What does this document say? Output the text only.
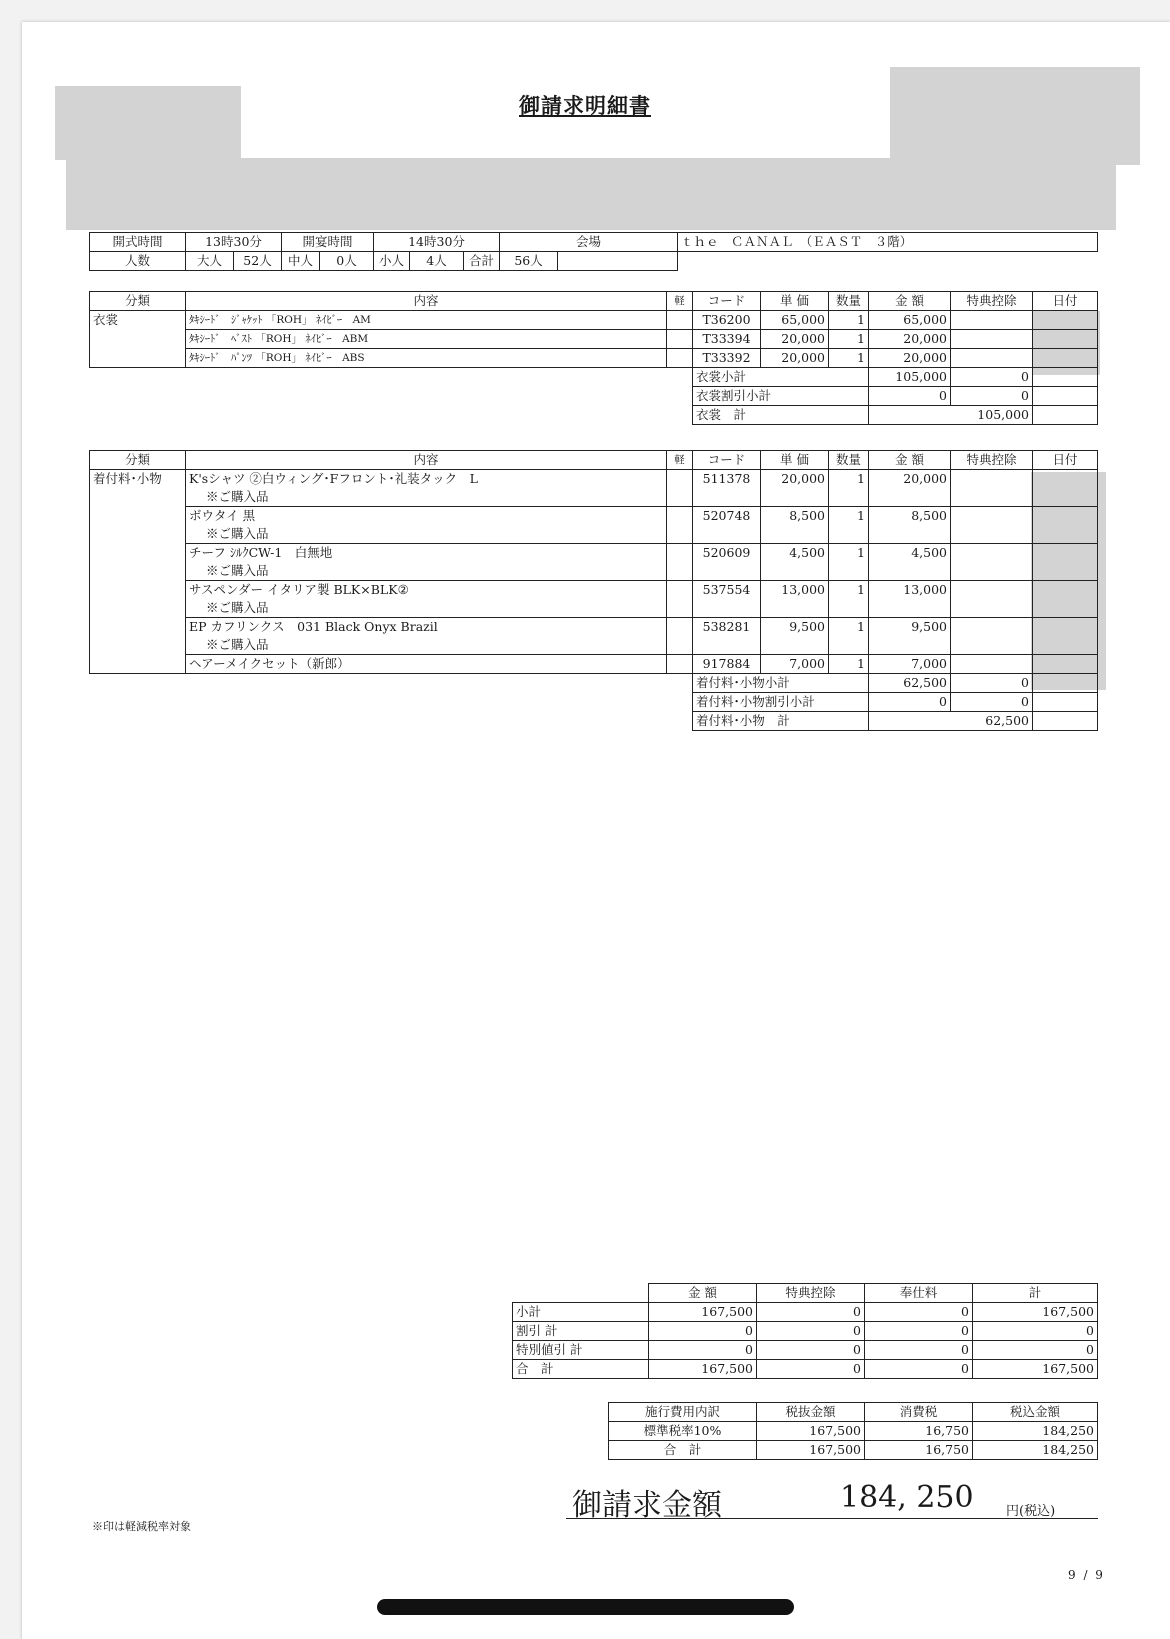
御請求明細書
開式時間	13時30分		開宴時間		14時30分			会場		ｔｈｅ　ＣＡＮＡＬ　（ＥＡＳＴ　３階）
人数	大人	52人	中人	0人	小人	4人	合計	56人		
分類	内容	軽	コード	単 価	数量	金 額	特典控除	日付
衣裳	ﾀｷｼｰﾄﾞ　ｼﾞｬｹｯﾄ 「ROH」 ﾈｲﾋﾞｰ　AM		T36200	65,000	1	65,000		
	ﾀｷｼｰﾄﾞ　ﾍﾞｽﾄ 「ROH」 ﾈｲﾋﾞｰ　ABM		T33394	20,000	1	20,000		
	ﾀｷｼｰﾄﾞ　ﾊﾟﾝﾂ 「ROH」 ﾈｲﾋﾞｰ　ABS		T33392	20,000	1	20,000		
			衣裳小計			105,000	0	
			衣裳割引小計			0	0	
			衣裳　計			105,000		
分類	内容	軽	コード	単 価	数量	金 額	特典控除	日付
着付料･小物	K'sシャツ ②白ウィング･Fフロント･礼装タック　L		511378	20,000	1	20,000		
	※ご購入品							
	ボウタイ 黒		520748	8,500	1	8,500		
	※ご購入品							
	チーフ ｼﾙｸCW-1　白無地		520609	4,500	1	4,500		
	※ご購入品							
	サスペンダー イタリア製 BLK×BLK②		537554	13,000	1	13,000		
	※ご購入品							
	EP カフリンクス　031 Black Onyx Brazil		538281	9,500	1	9,500		
	※ご購入品							
	ヘアーメイクセット（新郎）		917884	7,000	1	7,000		
			着付料･小物小計			62,500	0	
			着付料･小物割引小計			0	0	
			着付料･小物　計			62,500		
	金 額	特典控除	奉仕料	計
小計	167,500	0	0	167,500
割引 計	0	0	0	0
特別値引 計	0	0	0	0
合　計	167,500	0	0	167,500
施行費用内訳	税抜金額	消費税	税込金額
標準税率10%	167,500	16,750	184,250
合　計	167,500	16,750	184,250
御請求金額	184, 250 円(税込)
※印は軽減税率対象
9 / 9
